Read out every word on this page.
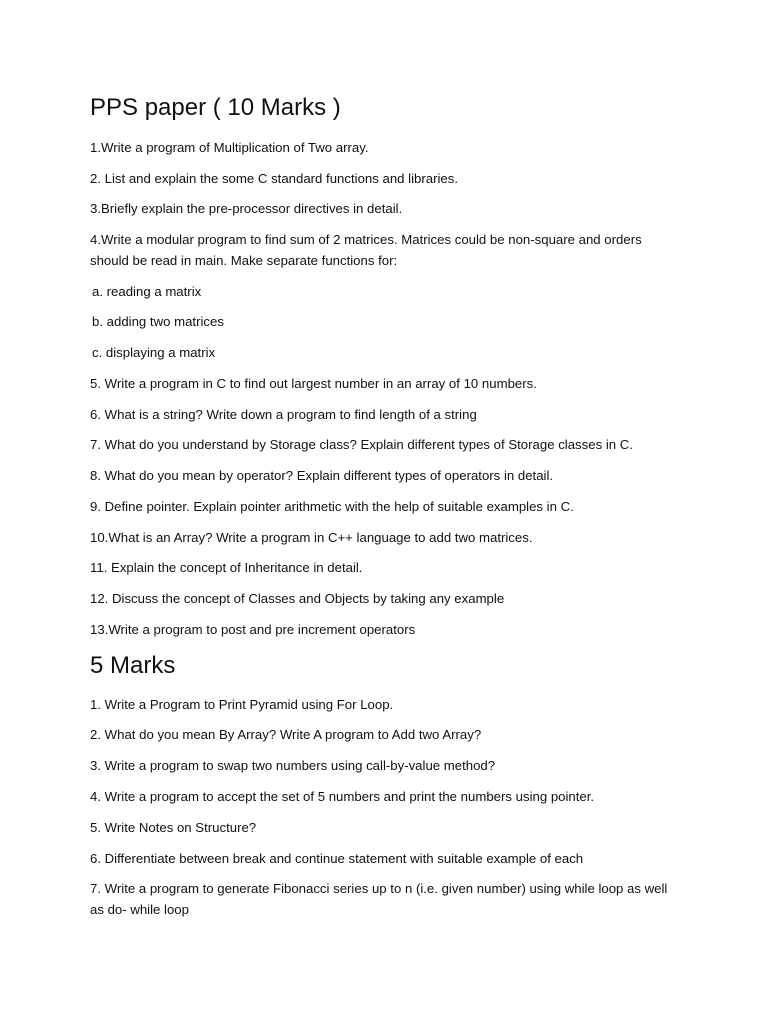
PPS paper ( 10 Marks )

1.Write a program of Multiplication of Two array.

2. List and explain the some C standard functions and libraries.

3.Briefly explain the pre-processor directives in detail.

4.Write a modular program to find sum of 2 matrices. Matrices could be non-square and orders should be read in main. Make separate functions for:

a. reading a matrix

b. adding two matrices

c. displaying a matrix

5. Write a program in C to find out largest number in an array of 10 numbers.

6. What is a string? Write down a program to find length of a string

7. What do you understand by Storage class? Explain different types of Storage classes in C.

8. What do you mean by operator? Explain different types of operators in detail.

9. Define pointer. Explain pointer arithmetic with the help of suitable examples in C.

10.What is an Array? Write a program in C++ language to add two matrices.

11. Explain the concept of Inheritance in detail.

12. Discuss the concept of Classes and Objects by taking any example

13.Write a program to post and pre increment operators

5 Marks

1. Write a Program to Print Pyramid using For Loop.

2. What do you mean By Array? Write A program to Add two Array?

3. Write a program to swap two numbers using call-by-value method?

4. Write a program to accept the set of 5 numbers and print the numbers using pointer.

5. Write Notes on Structure?

6. Differentiate between break and continue statement with suitable example of each

7. Write a program to generate Fibonacci series up to n (i.e. given number) using while loop as well as do- while loop
